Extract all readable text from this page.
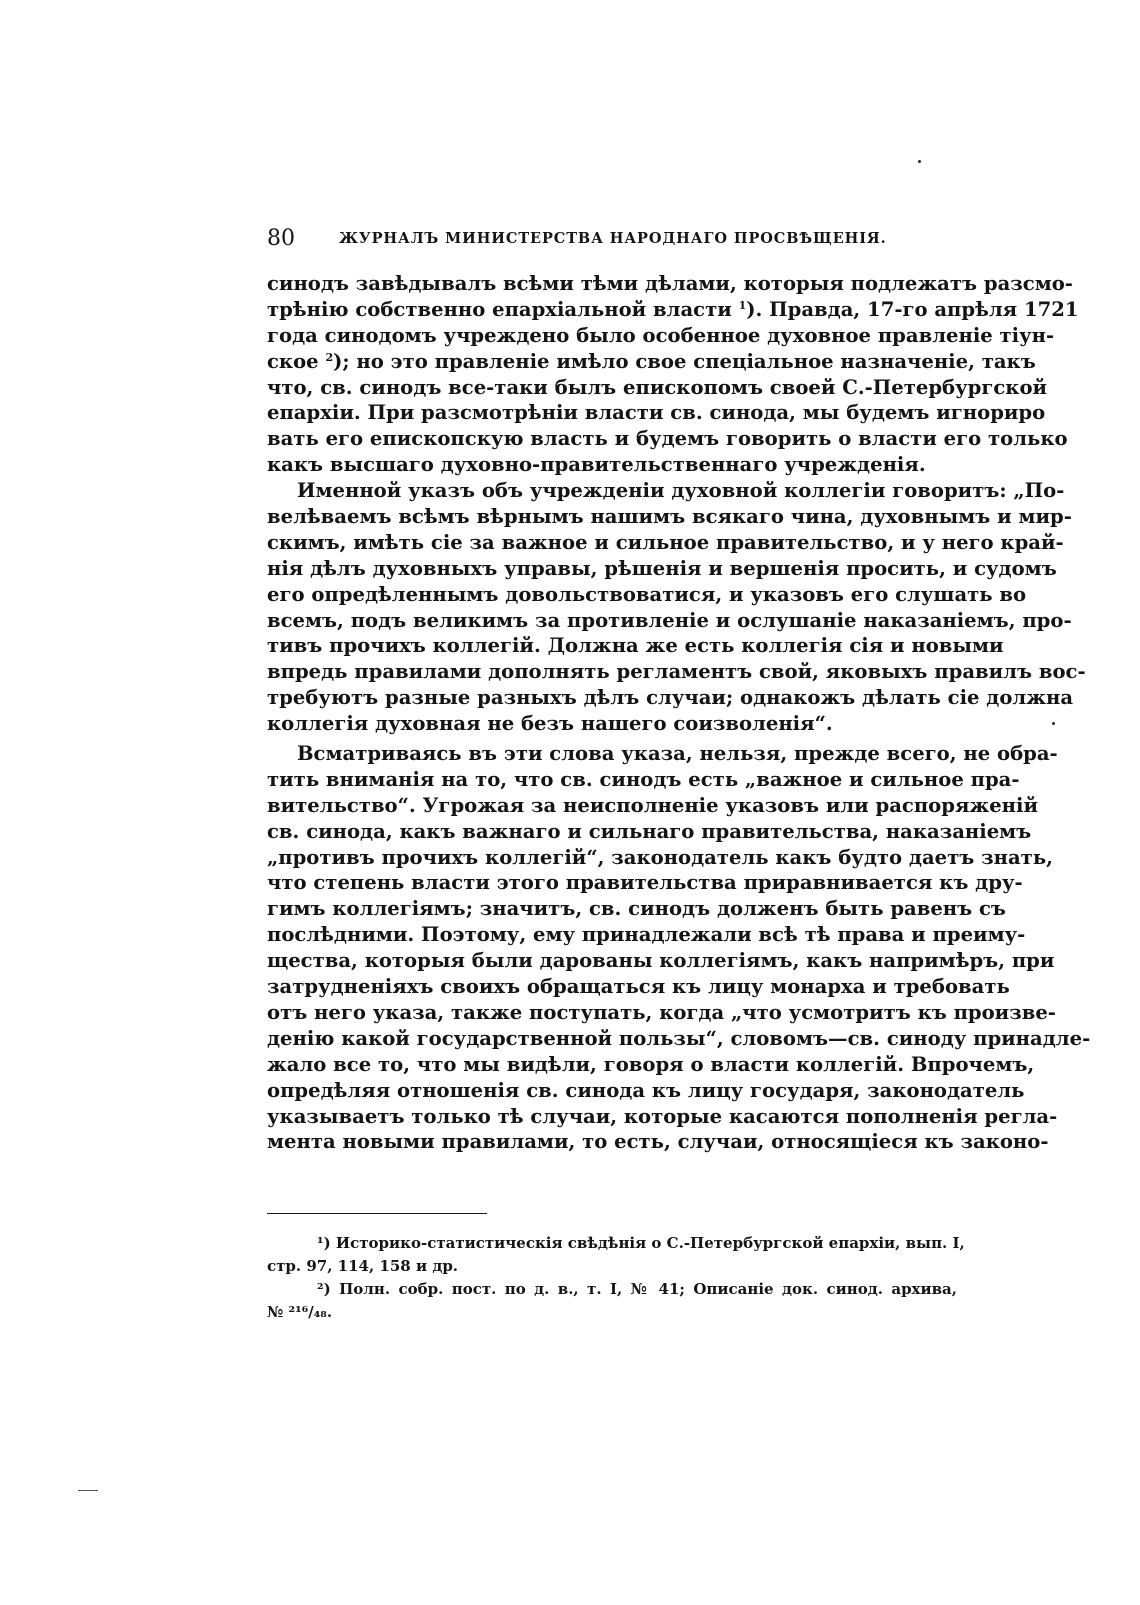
80	ЖУРНАЛЪ МИНИСТЕРСТВА НАРОДНАГО ПРОСВѢЩЕНІЯ.
синодъ завѣдывалъ всѣми тѣми дѣлами, которыя подлежатъ разсмо-
трѣнію собственно епархіальной власти $^1$). Правда, 17-го апрѣля 1721
года синодомъ учреждено было особенное духовное правленіе тіун-
ское $^2$); но это правленіе имѣло свое спеціальное назначеніе, такъ
что, св. синодъ все-таки былъ епископомъ своей С.-Петербургской
епархіи. При разсмотрѣніи власти св. синода, мы будемъ игнориро
вать его епископскую власть и будемъ говорить о власти его только
какъ высшаго духовно-правительственнаго учрежденія.
Именной указъ объ учрежденіи духовной коллегіи говоритъ: „По-
велѣваемъ всѣмъ вѣрнымъ нашимъ всякаго чина, духовнымъ и мир-
скимъ, имѣть сіе за важное и сильное правительство, и у него край-
нія дѣлъ духовныхъ управы, рѣшенія и вершенія просить, и судомъ
его опредѣленнымъ довольствоватися, и указовъ его слушать во
всемъ, подъ великимъ за противленіе и ослушаніе наказаніемъ, про-
тивъ прочихъ коллегій. Должна же есть коллегія сія и новыми
впредь правилами дополнять регламентъ свой, яковыхъ правилъ вос-
требуютъ разные разныхъ дѣлъ случаи; однакожъ дѣлать сіе должна
коллегія духовная не безъ нашего соизволенія“.
Всматриваясь въ эти слова указа, нельзя, прежде всего, не обра-
тить вниманія на то, что св. синодъ есть „важное и сильное пра-
вительство“. Угрожая за неисполненіе указовъ или распоряженій
св. синода, какъ важнаго и сильнаго правительства, наказаніемъ
„противъ прочихъ коллегій“, законодатель какъ будто даетъ знать,
что степень власти этого правительства приравнивается къ дру-
гимъ коллегіямъ; значитъ, св. синодъ долженъ быть равенъ съ
послѣдними. Поэтому, ему принадлежали всѣ тѣ права и преиму-
щества, которыя были дарованы коллегіямъ, какъ напримѣръ, при
затрудненіяхъ своихъ обращаться къ лицу монарха и требовать
отъ него указа, также поступать, когда „что усмотритъ къ произве-
денію какой государственной пользы“, словомъ—св. синоду принадле-
жало все то, что мы видѣли, говоря о власти коллегій. Впрочемъ,
опредѣляя отношенія св. синода къ лицу государя, законодатель
указываетъ только тѣ случаи, которые касаются пополненія регла-
мента новыми правилами, то есть, случаи, относящіеся къ законо-
¹) Историко-статистическія свѣдѣнія о С.-Петербургской епархіи, вып. I,
стр. 97, 114, 158 и др.
²) Полн. собр. пост. по д. в., т. I, № 41; Описаніе док. синод. архива,
№ ²¹⁶/₄₈.
